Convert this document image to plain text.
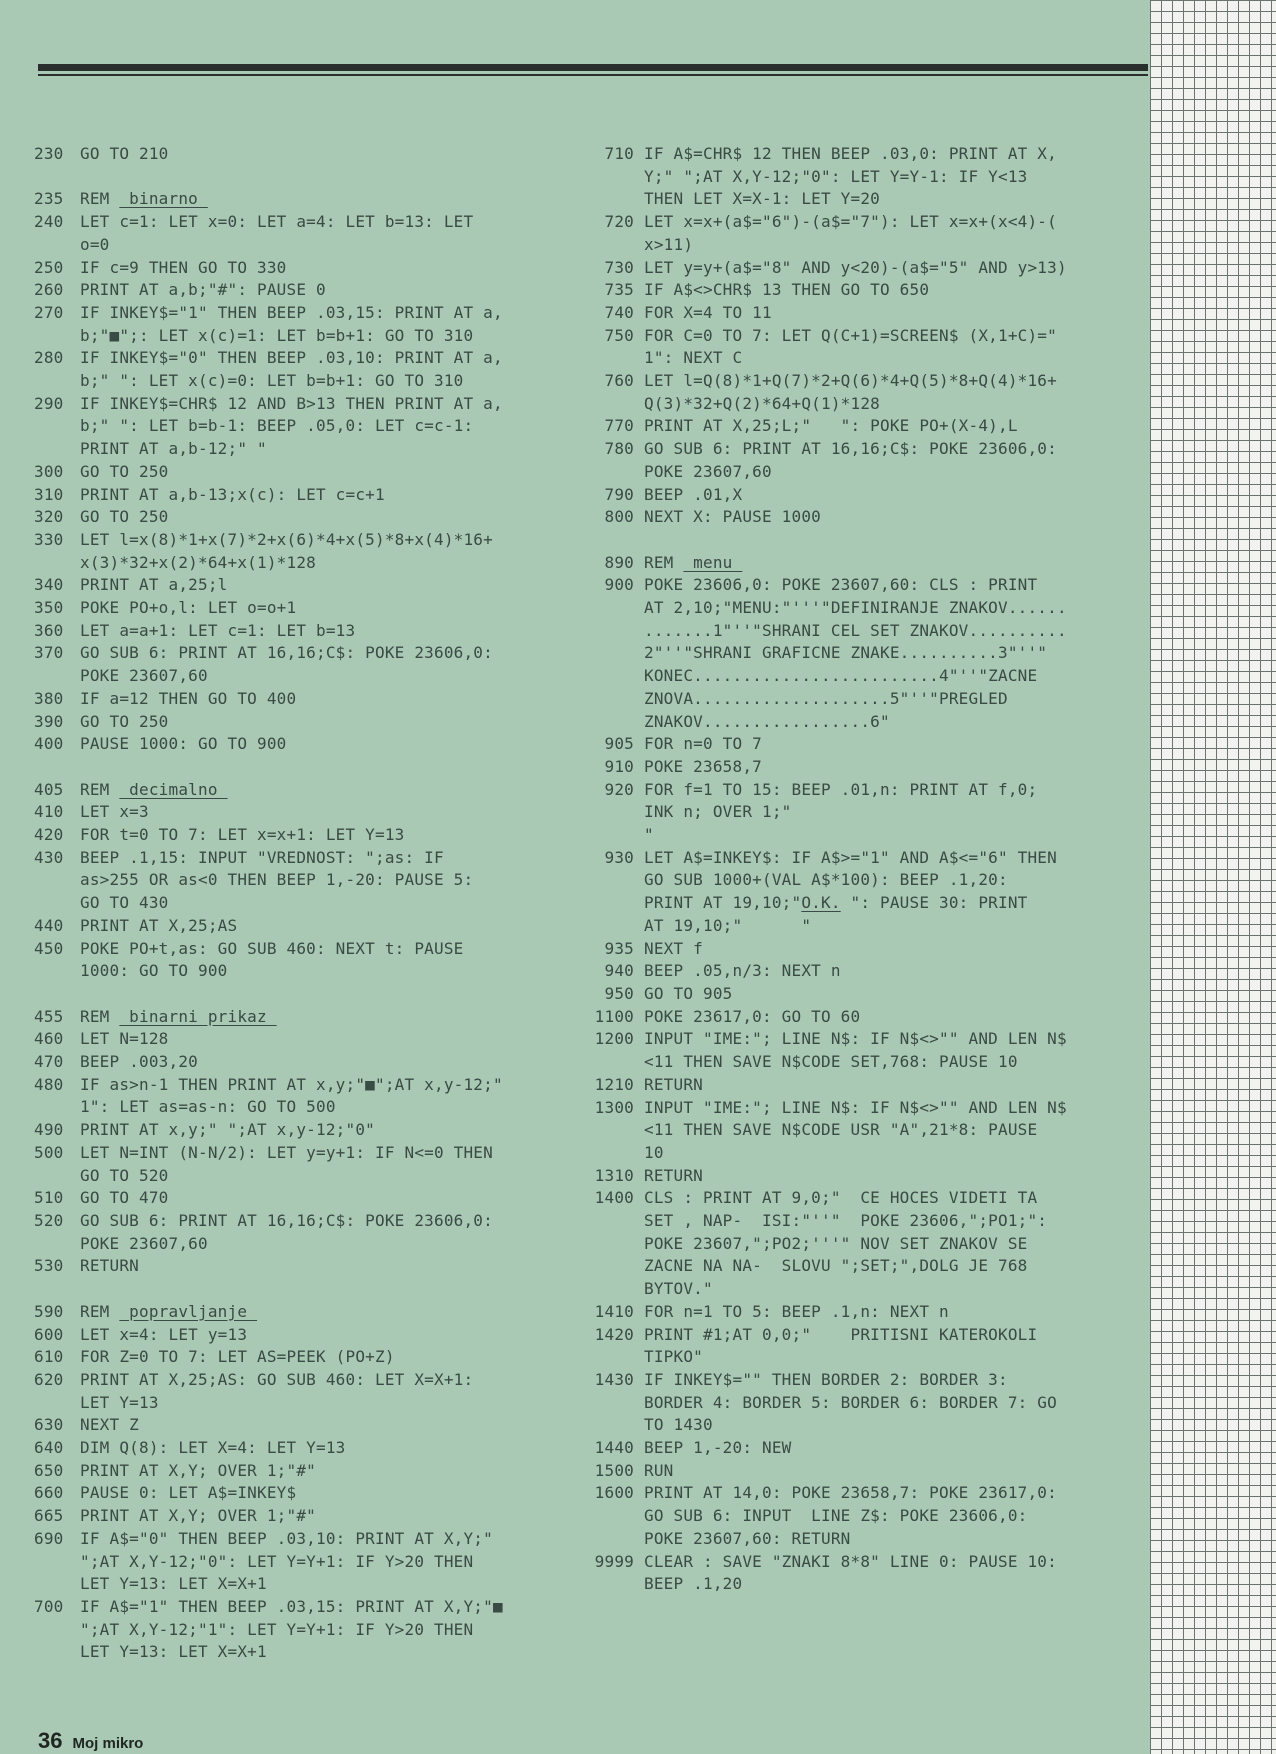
230	GO TO 210
235	REM  binarno
240	LET c=1: LET x=0: LET a=4: LET b=13: LET
o=0
250	IF c=9 THEN GO TO 330
260	PRINT AT a,b;"#": PAUSE 0
270	IF INKEY$="1" THEN BEEP .03,15: PRINT AT a,
b;"■";: LET x(c)=1: LET b=b+1: GO TO 310
280	IF INKEY$="0" THEN BEEP .03,10: PRINT AT a,
b;" ": LET x(c)=0: LET b=b+1: GO TO 310
290	IF INKEY$=CHR$ 12 AND B>13 THEN PRINT AT a,
b;" ": LET b=b-1: BEEP .05,0: LET c=c-1:
PRINT AT a,b-12;" "
300	GO TO 250
310	PRINT AT a,b-13;x(c): LET c=c+1
320	GO TO 250
330	LET l=x(8)*1+x(7)*2+x(6)*4+x(5)*8+x(4)*16+
x(3)*32+x(2)*64+x(1)*128
340	PRINT AT a,25;l
350	POKE PO+o,l: LET o=o+1
360	LET a=a+1: LET c=1: LET b=13
370	GO SUB 6: PRINT AT 16,16;C$: POKE 23606,0:
POKE 23607,60
380	IF a=12 THEN GO TO 400
390	GO TO 250
400	PAUSE 1000: GO TO 900
405	REM  decimalno
410	LET x=3
420	FOR t=0 TO 7: LET x=x+1: LET Y=13
430	BEEP .1,15: INPUT "VREDNOST: ";as: IF
as>255 OR as<0 THEN BEEP 1,-20: PAUSE 5:
GO TO 430
440	PRINT AT X,25;AS
450	POKE PO+t,as: GO SUB 460: NEXT t: PAUSE
1000: GO TO 900
455	REM  binarni prikaz
460	LET N=128
470	BEEP .003,20
480	IF as>n-1 THEN PRINT AT x,y;"■";AT x,y-12;"
1": LET as=as-n: GO TO 500
490	PRINT AT x,y;" ";AT x,y-12;"0"
500	LET N=INT (N-N/2): LET y=y+1: IF N<=0 THEN
GO TO 520
510	GO TO 470
520	GO SUB 6: PRINT AT 16,16;C$: POKE 23606,0:
POKE 23607,60
530	RETURN
590	REM  popravljanje
600	LET x=4: LET y=13
610	FOR Z=0 TO 7: LET AS=PEEK (PO+Z)
620	PRINT AT X,25;AS: GO SUB 460: LET X=X+1:
LET Y=13
630	NEXT Z
640	DIM Q(8): LET X=4: LET Y=13
650	PRINT AT X,Y; OVER 1;"#"
660	PAUSE 0: LET A$=INKEY$
665	PRINT AT X,Y; OVER 1;"#"
690	IF A$="0" THEN BEEP .03,10: PRINT AT X,Y;"
";AT X,Y-12;"0": LET Y=Y+1: IF Y>20 THEN
LET Y=13: LET X=X+1
700	IF A$="1" THEN BEEP .03,15: PRINT AT X,Y;"■
";AT X,Y-12;"1": LET Y=Y+1: IF Y>20 THEN
LET Y=13: LET X=X+1
710 IF A$=CHR$ 12 THEN BEEP .03,0: PRINT AT X,
Y;" ";AT X,Y-12;"0": LET Y=Y-1: IF Y<13
THEN LET X=X-1: LET Y=20
720 LET x=x+(a$="6")-(a$="7"): LET x=x+(x<4)-(
x>11)
730 LET y=y+(a$="8" AND y<20)-(a$="5" AND y>13)
735 IF A$<>CHR$ 13 THEN GO TO 650
740 FOR X=4 TO 11
750 FOR C=0 TO 7: LET Q(C+1)=SCREEN$ (X,1+C)="
1": NEXT C
760 LET l=Q(8)*1+Q(7)*2+Q(6)*4+Q(5)*8+Q(4)*16+
Q(3)*32+Q(2)*64+Q(1)*128
770 PRINT AT X,25;L;"   ": POKE PO+(X-4),L
780 GO SUB 6: PRINT AT 16,16;C$: POKE 23606,0:
POKE 23607,60
790 BEEP .01,X
800 NEXT X: PAUSE 1000
890 REM  menu
900 POKE 23606,0: POKE 23607,60: CLS : PRINT
AT 2,10;"MENU:"'''"DEFINIRANJE ZNAKOV......
.......1"''"SHRANI CEL SET ZNAKOV..........
2"''"SHRANI GRAFICNE ZNAKE..........3"''"
KONEC.........................4"''"ZACNE
ZNOVA....................5"''"PREGLED
ZNAKOV.................6"
905 FOR n=0 TO 7
910 POKE 23658,7
920 FOR f=1 TO 15: BEEP .01,n: PRINT AT f,0;
INK n; OVER 1;"
"
930 LET A$=INKEY$: IF A$>="1" AND A$<="6" THEN
GO SUB 1000+(VAL A$*100): BEEP .1,20:
PRINT AT 19,10;"O.K. ": PAUSE 30: PRINT
AT 19,10;"      "
935 NEXT f
940 BEEP .05,n/3: NEXT n
950 GO TO 905
1100 POKE 23617,0: GO TO 60
1200 INPUT "IME:"; LINE N$: IF N$<>"" AND LEN N$
<11 THEN SAVE N$CODE SET,768: PAUSE 10
1210 RETURN
1300 INPUT "IME:"; LINE N$: IF N$<>"" AND LEN N$
<11 THEN SAVE N$CODE USR "A",21*8: PAUSE
10
1310 RETURN
1400 CLS : PRINT AT 9,0;"  CE HOCES VIDETI TA
SET , NAP-  ISI:"''"  POKE 23606,";PO1;":
POKE 23607,";PO2;'''" NOV SET ZNAKOV SE
ZACNE NA NA-  SLOVU ";SET;",DOLG JE 768
BYTOV."
1410 FOR n=1 TO 5: BEEP .1,n: NEXT n
1420 PRINT #1;AT 0,0;"    PRITISNI KATEROKOLI
TIPKO"
1430 IF INKEY$="" THEN BORDER 2: BORDER 3:
BORDER 4: BORDER 5: BORDER 6: BORDER 7: GO
TO 1430
1440 BEEP 1,-20: NEW
1500 RUN
1600 PRINT AT 14,0: POKE 23658,7: POKE 23617,0:
GO SUB 6: INPUT  LINE Z$: POKE 23606,0:
POKE 23607,60: RETURN
9999 CLEAR : SAVE "ZNAKI 8*8" LINE 0: PAUSE 10:
BEEP .1,20
36 Moj mikro
